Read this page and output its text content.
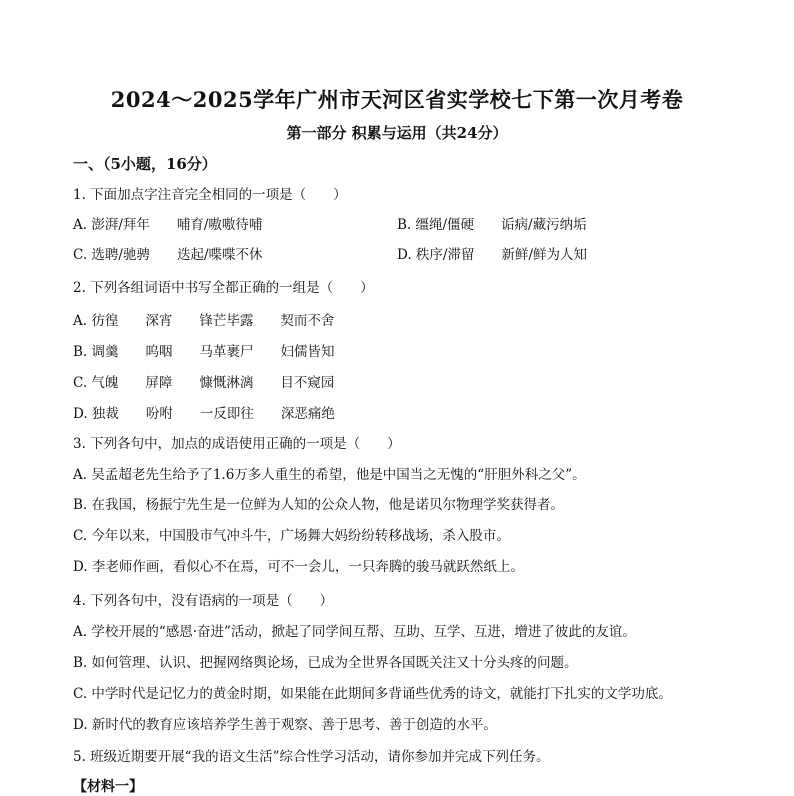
2024～2025学年广州市天河区省实学校七下第一次月考卷
第一部分 积累与运用（共24分）
一、（5小题，16分）
1. 下面加点字注音完全相同的一项是（　　）
A. 澎湃/拜年　　哺育/嗷嗷待哺	B. 缰绳/僵硬　　诟病/藏污纳垢
C. 选聘/驰骋　　迭起/喋喋不休	D. 秩序/滞留　　新鲜/鲜为人知
2. 下列各组词语中书写全都正确的一组是（　　）
A. 彷徨　　深宵　　锋芒毕露　　契而不舍
B. 调羹　　呜咽　　马革裹尸　　妇儒皆知
C. 气魄　　屏障　　慷慨淋漓　　目不窥园
D. 独裁　　吩咐　　一反即往　　深恶痛绝
3. 下列各句中，加点的成语使用正确的一项是（　　）
A. 吴孟超老先生给予了1.6万多人重生的希望，他是中国当之无愧的“肝胆外科之父”。
B. 在我国，杨振宁先生是一位鲜为人知的公众人物，他是诺贝尔物理学奖获得者。
C. 今年以来，中国股市气冲斗牛，广场舞大妈纷纷转移战场，杀入股市。
D. 李老师作画，看似心不在焉，可不一会儿，一只奔腾的骏马就跃然纸上。
4. 下列各句中，没有语病的一项是（　　）
A. 学校开展的“感恩·奋进”活动，掀起了同学间互帮、互助、互学、互进，增进了彼此的友谊。
B. 如何管理、认识、把握网络舆论场，已成为全世界各国既关注又十分头疼的问题。
C. 中学时代是记忆力的黄金时期，如果能在此期间多背诵些优秀的诗文，就能打下扎实的文学功底。
D. 新时代的教育应该培养学生善于观察、善于思考、善于创造的水平。
5. 班级近期要开展“我的语文生活”综合性学习活动，请你参加并完成下列任务。
【材料一】
